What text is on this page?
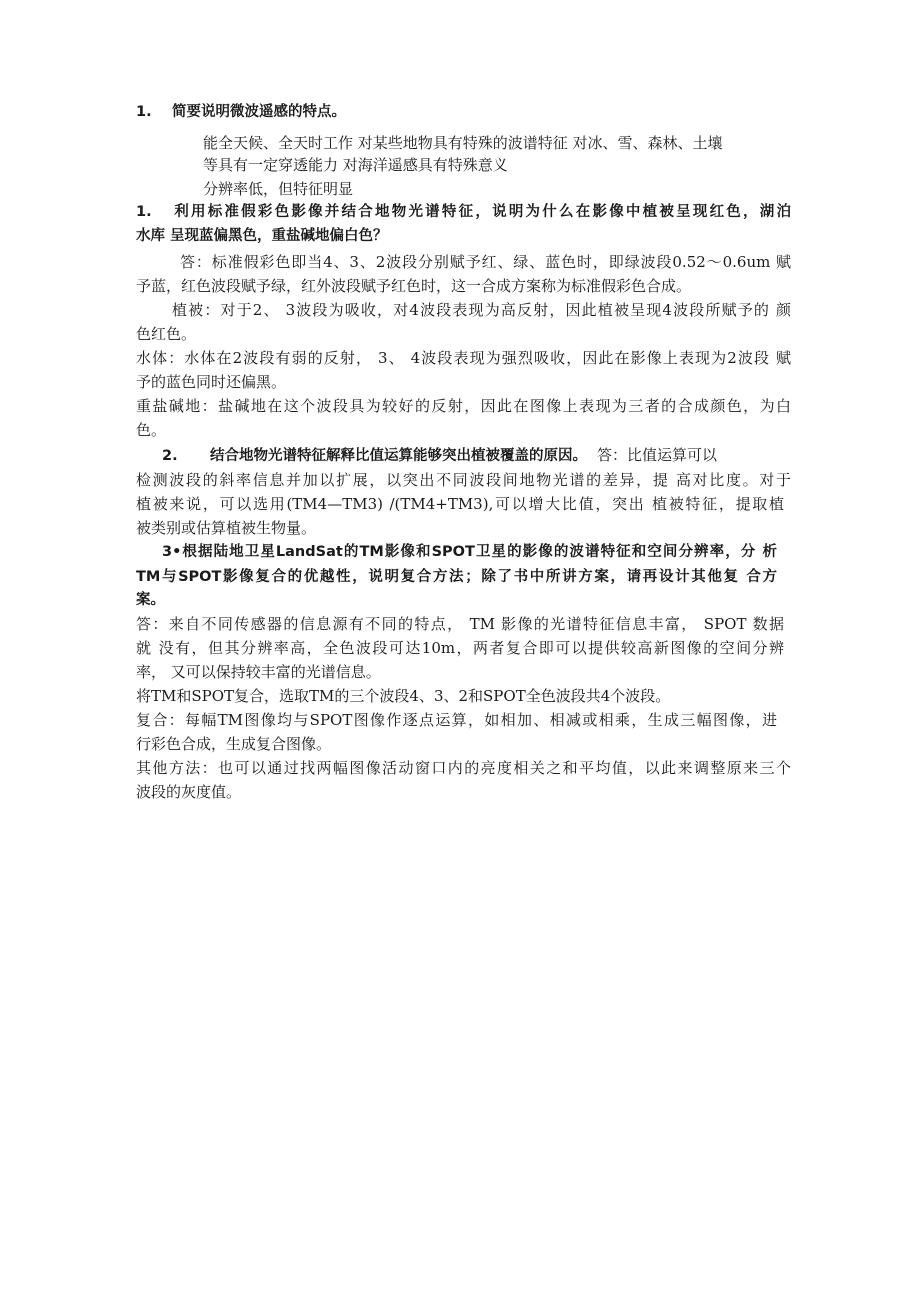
1. 简要说明微波遥感的特点。
能全天候、全天时工作 对某些地物具有特殊的波谱特征 对冰、雪、森林、土壤
等具有一定穿透能力 对海洋遥感具有特殊意义
分辨率低，但特征明显
1. 利用标准假彩色影像并结合地物光谱特征，说明为什么在影像中植被呈现红色，湖泊
水库 呈现蓝偏黑色，重盐碱地偏白色？
答：标准假彩色即当4、3、2波段分别赋予红、绿、蓝色时，即绿波段0.52〜0.6um 赋
予蓝，红色波段赋予绿，红外波段赋予红色时，这一合成方案称为标准假彩色合成。
植被：对于2、 3波段为吸收，对4波段表现为高反射，因此植被呈现4波段所赋予的 颜
色红色。
水体：水体在2波段有弱的反射， 3、 4波段表现为强烈吸收，因此在影像上表现为2波段 赋
予的蓝色同时还偏黑。
重盐碱地：盐碱地在这个波段具为较好的反射，因此在图像上表现为三者的合成颜色，为白
色。
2. 结合地物光谱特征解释比值运算能够突出植被覆盖的原因。 答：比值运算可以
检测波段的斜率信息并加以扩展，以突出不同波段间地物光谱的差异，提 高对比度。对于
植被来说，可以选用(TM4—TM3) /(TM4+TM3),可以增大比值，突出 植被特征，提取植
被类别或估算植被生物量。
3•根据陆地卫星LandSat的TM影像和SPOT卫星的影像的波谱特征和空间分辨率，分 析
TM与SPOT影像复合的优越性，说明复合方法；除了书中所讲方案，请再设计其他复 合方
案。
答：来自不同传感器的信息源有不同的特点， TM 影像的光谱特征信息丰富， SPOT 数据
就 没有，但其分辨率高，全色波段可达10m，两者复合即可以提供较高新图像的空间分辨
率， 又可以保持较丰富的光谱信息。
将TM和SPOT复合，选取TM的三个波段4、3、2和SPOT全色波段共4个波段。
复合：每幅TM图像均与SPOT图像作逐点运算，如相加、相减或相乘，生成三幅图像，进
行彩色合成，生成复合图像。
其他方法：也可以通过找两幅图像活动窗口内的亮度相关之和平均值，以此来调整原来三个
波段的灰度值。
